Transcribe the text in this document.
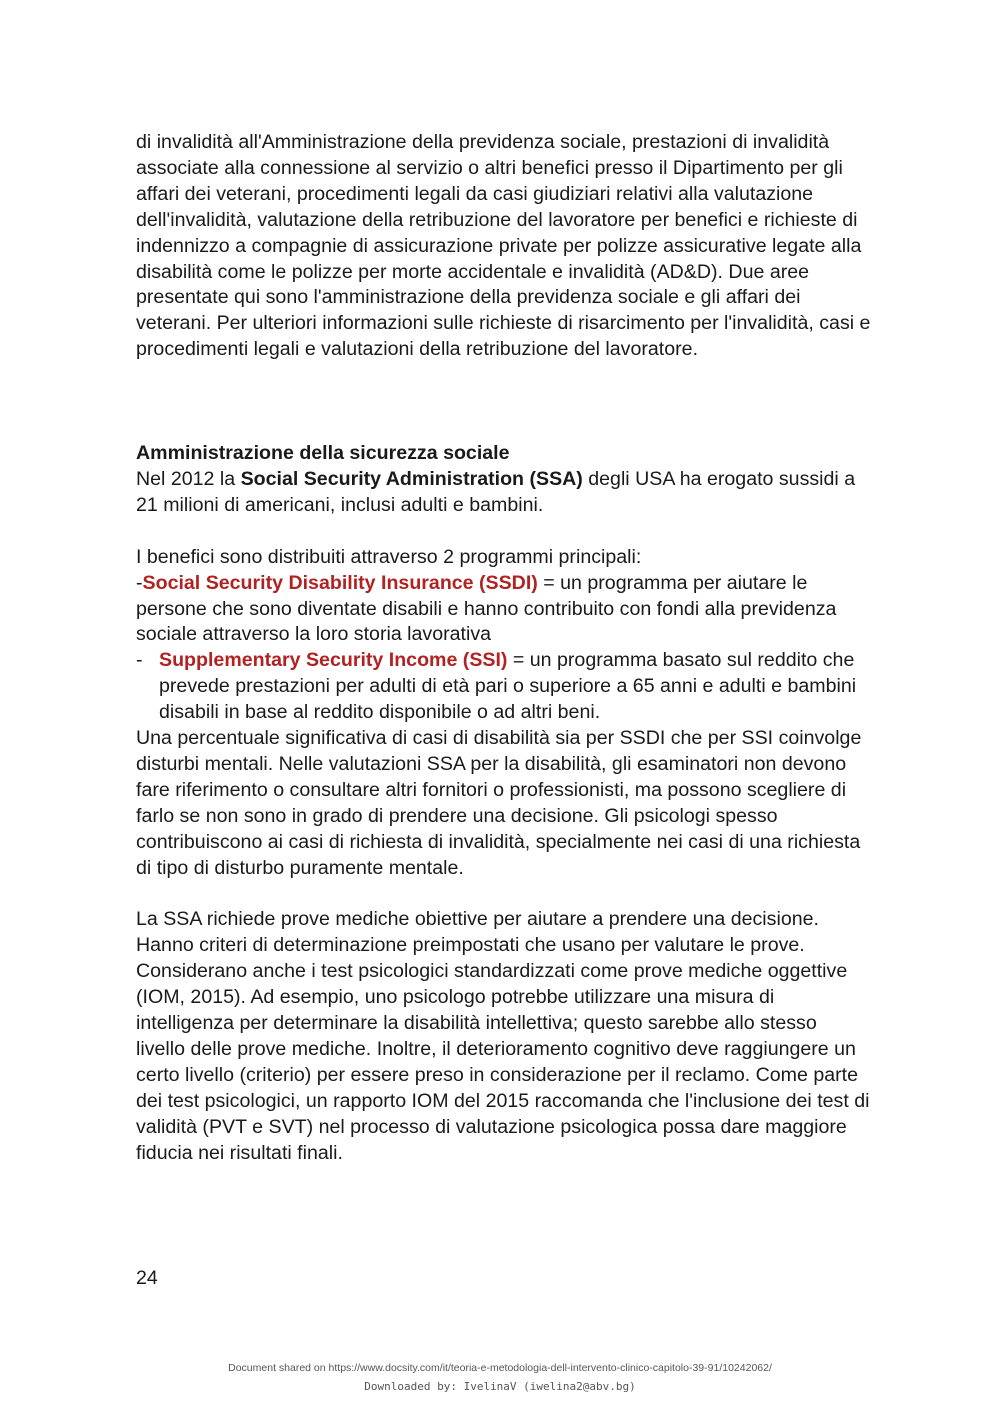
di invalidità all'Amministrazione della previdenza sociale, prestazioni di invalidità associate alla connessione al servizio o altri benefici presso il Dipartimento per gli affari dei veterani, procedimenti legali da casi giudiziari relativi alla valutazione dell'invalidità, valutazione della retribuzione del lavoratore per benefici e richieste di indennizzo a compagnie di assicurazione private per polizze assicurative legate alla disabilità come le polizze per morte accidentale e invalidità (AD&D). Due aree presentate qui sono l'amministrazione della previdenza sociale e gli affari dei veterani. Per ulteriori informazioni sulle richieste di risarcimento per l'invalidità, casi e procedimenti legali e valutazioni della retribuzione del lavoratore.

Amministrazione della sicurezza sociale

Nel 2012 la Social Security Administration (SSA) degli USA ha erogato sussidi a 21 milioni di americani, inclusi adulti e bambini.

I benefici sono distribuiti attraverso 2 programmi principali:

-Social Security Disability Insurance (SSDI) = un programma per aiutare le persone che sono diventate disabili e hanno contribuito con fondi alla previdenza sociale attraverso la loro storia lavorativa

- Supplementary Security Income (SSI) = un programma basato sul reddito che prevede prestazioni per adulti di età pari o superiore a 65 anni e adulti e bambini disabili in base al reddito disponibile o ad altri beni.

Una percentuale significativa di casi di disabilità sia per SSDI che per SSI coinvolge disturbi mentali. Nelle valutazioni SSA per la disabilità, gli esaminatori non devono fare riferimento o consultare altri fornitori o professionisti, ma possono scegliere di farlo se non sono in grado di prendere una decisione. Gli psicologi spesso contribuiscono ai casi di richiesta di invalidità, specialmente nei casi di una richiesta di tipo di disturbo puramente mentale.

La SSA richiede prove mediche obiettive per aiutare a prendere una decisione. Hanno criteri di determinazione preimpostati che usano per valutare le prove. Considerano anche i test psicologici standardizzati come prove mediche oggettive (IOM, 2015). Ad esempio, uno psicologo potrebbe utilizzare una misura di intelligenza per determinare la disabilità intellettiva; questo sarebbe allo stesso livello delle prove mediche. Inoltre, il deterioramento cognitivo deve raggiungere un certo livello (criterio) per essere preso in considerazione per il reclamo. Come parte dei test psicologici, un rapporto IOM del 2015 raccomanda che l'inclusione dei test di validità (PVT e SVT) nel processo di valutazione psicologica possa dare maggiore fiducia nei risultati finali.

24
Document shared on https://www.docsity.com/it/teoria-e-metodologia-dell-intervento-clinico-capitolo-39-91/10242062/
Downloaded by: IvelinaV (iwelina2@abv.bg)
